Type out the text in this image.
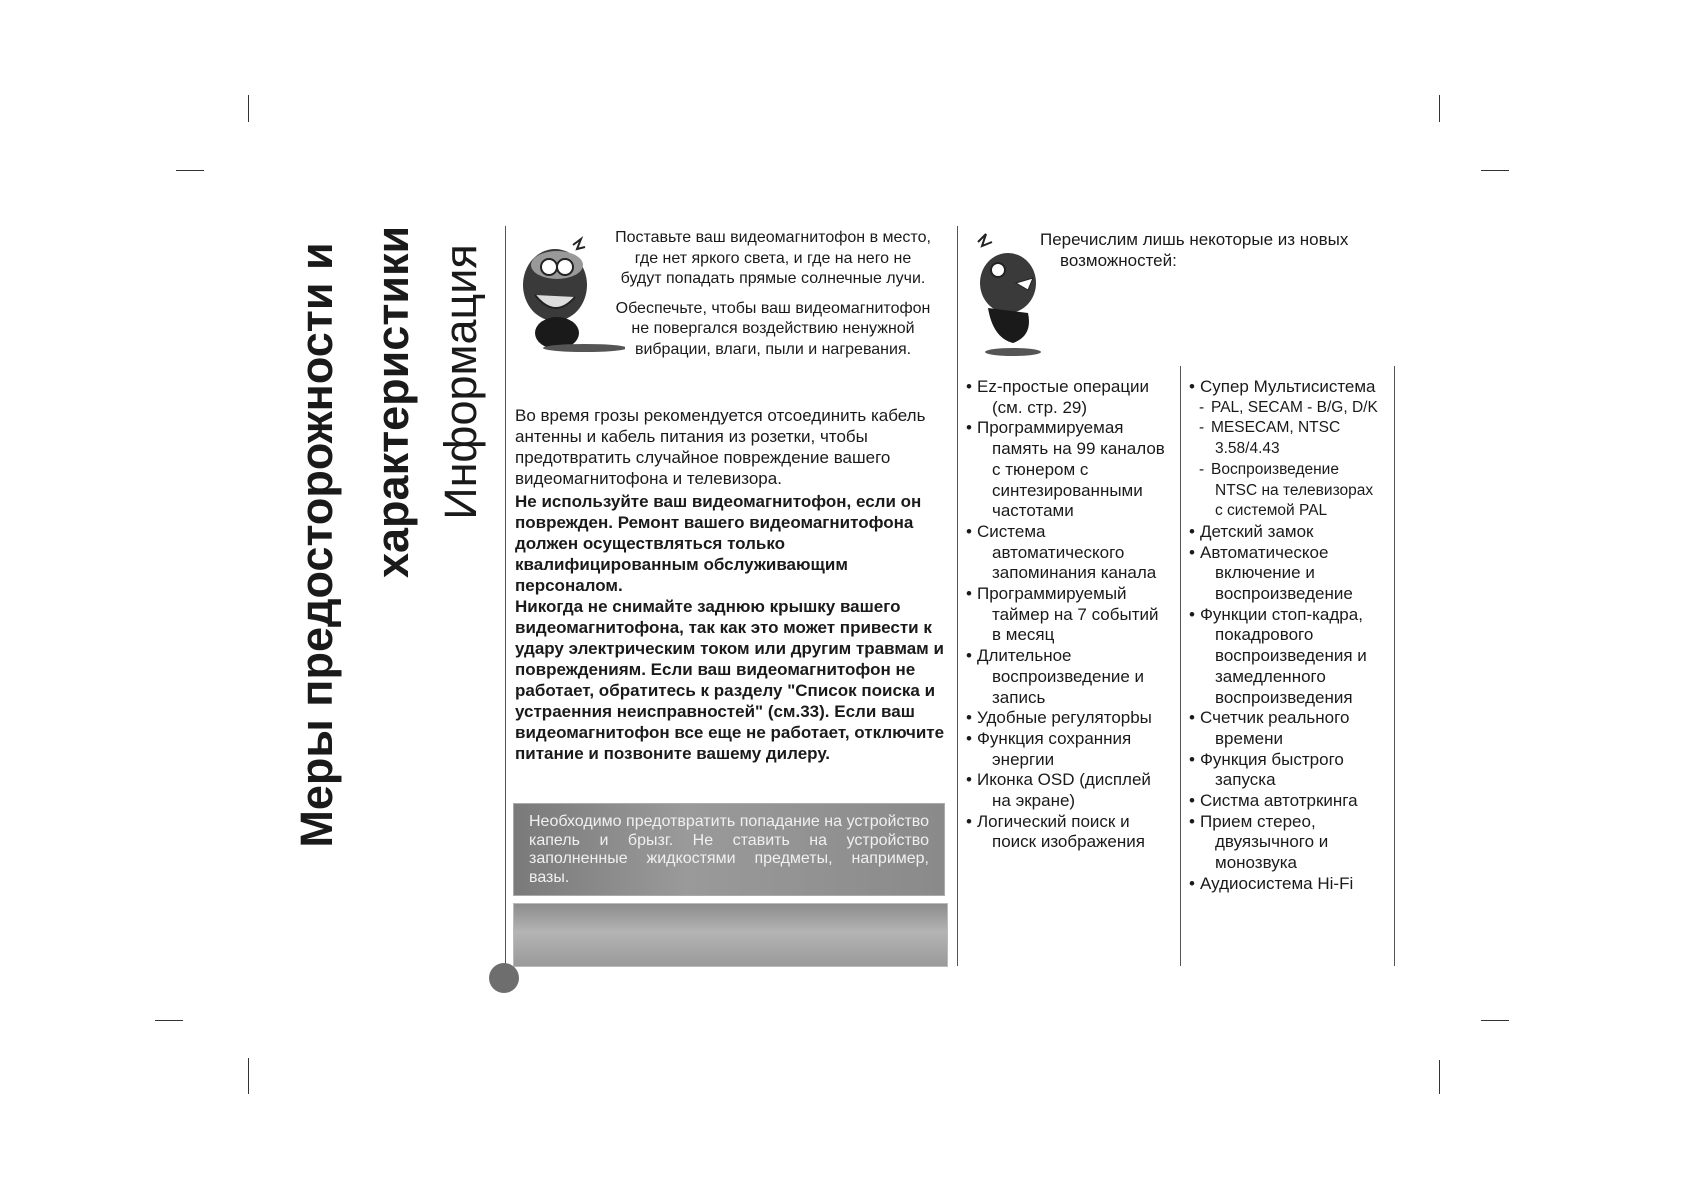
Меры предосторожности и характеристики Информация
Поставьте ваш видеомагнитофон в место,
где нет яркого света, и где на него не
будут попадать прямые солнечные лучи.
Обеспечьте, чтобы ваш видеомагнитофон
не повергался воздействию ненужной
вибрации, влаги, пыли и нагревания.
Перечислим лишь некоторые из новых
возможностей:

Во время грозы рекомендуется отсоединить кабель антенны и кабель питания из розетки, чтобы предотвратить случайное повреждение вашего видеомагнитофона и телевизора.

Не используйте ваш видеомагнитофон, если он поврежден. Ремонт вашего видеомагнитофона должен осуществляться только квалифицированным обслуживающим персоналом.

Никогда не снимайте заднюю крышку вашего видеомагнитофона, так как это может привести к удару электрическим током или другим травмам и повреждениям. Если ваш видеомагнитофон не работает, обратитесь к разделу "Список поиска и устраенния неисправностей" (см.33). Если ваш видеомагнитофон все еще не работает, отключите питание и позвоните вашему дилеру.

Необходимо предотвратить попадание на устройство капель и брызг. Не ставить на устройство заполненные жидкостями предметы, например, вазы.
• Ez-простые операции
(см. стр. 29)
• Программируемая
память на 99 каналов
с тюнером с
синтезированными
частотами
• Система
автоматического
запоминания канала
• Программируемый
таймер на 7 событий
в месяц
• Длительное
воспроизведение и
запись
• Удобные регуляторbы
• Функция сохранния
энергии
• Иконка OSD (дисплей
на экране)
• Логический поиск и
поиск изображения
• Супер Мультисистема
- PAL, SECAM - B/G, D/K
- MESECAM, NTSC
3.58/4.43
- Воспроизведение
NTSC на телевизорах
с системой PAL
• Детский замок
• Автоматическое
включение и
воспроизведение
• Функции стоп-кадра,
покадрового
воспроизведения и
замедленного
воспроизведения
• Счетчик реального
времени
• Функция быстрого
запуска
• Систма автотркинга
• Прием стерео,
двуязычного и
монозвука
• Аудиосистема Hi-Fi
